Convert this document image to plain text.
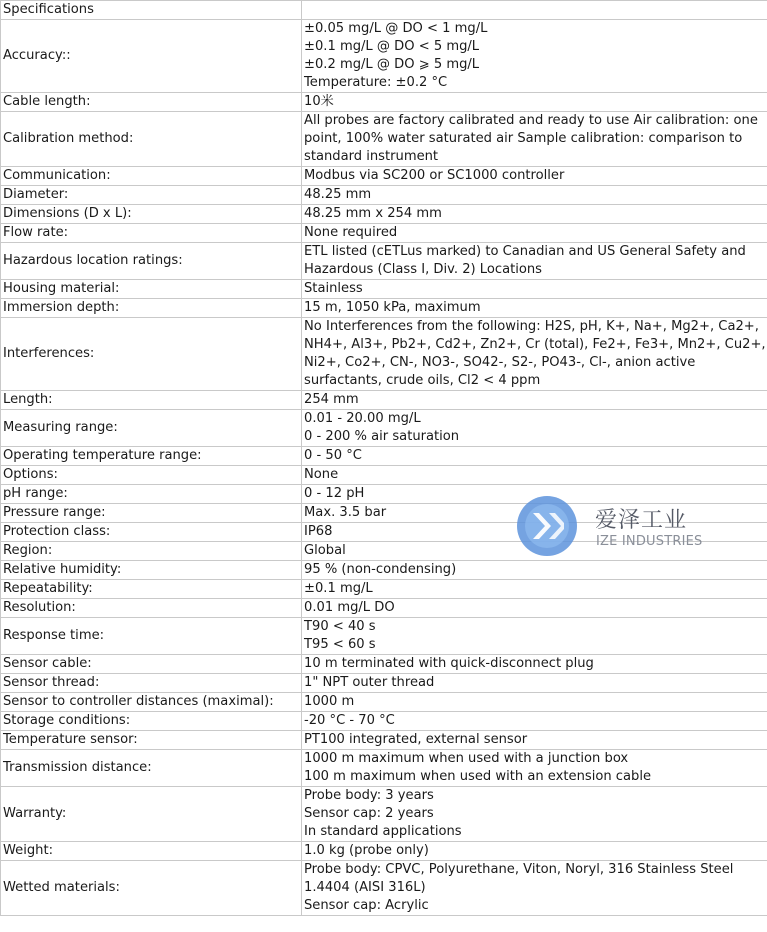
Specifications	
Accuracy::	±0.05 mg/L @ DO < 1 mg/L
±0.1 mg/L @ DO < 5 mg/L
±0.2 mg/L @ DO ⩾ 5 mg/L
Temperature: ±0.2 °C

Cable length:	10米

Calibration method:	All probes are factory calibrated and ready to use Air calibration: one
point, 100% water saturated air Sample calibration: comparison to
standard instrument

Communication:	Modbus via SC200 or SC1000 controller

Diameter:	48.25 mm

Dimensions (D x L):	48.25 mm x 254 mm

Flow rate:	None required

Hazardous location ratings:	ETL listed (cETLus marked) to Canadian and US General Safety and
Hazardous (Class I, Div. 2) Locations

Housing material:	Stainless

Immersion depth:	15 m, 1050 kPa, maximum

Interferences:	No Interferences from the following: H2S, pH, K+, Na+, Mg2+, Ca2+,
NH4+, Al3+, Pb2+, Cd2+, Zn2+, Cr (total), Fe2+, Fe3+, Mn2+, Cu2+,
Ni2+, Co2+, CN-, NO3-, SO42-, S2-, PO43-, Cl-, anion active
surfactants, crude oils, Cl2 < 4 ppm

Length:	254 mm

Measuring range:	0.01 - 20.00 mg/L
0 - 200 % air saturation

Operating temperature range:	0 - 50 °C

Options:	None

pH range:	0 - 12 pH

Pressure range:	Max. 3.5 bar

Protection class:	IP68

Region:	Global

Relative humidity:	95 % (non-condensing)

Repeatability:	±0.1 mg/L

Resolution:	0.01 mg/L DO

Response time:	T90 < 40 s
T95 < 60 s

Sensor cable:	10 m terminated with quick-disconnect plug

Sensor thread:	1" NPT outer thread

Sensor to controller distances (maximal):	1000 m

Storage conditions:	-20 °C - 70 °C

Temperature sensor:	PT100 integrated, external sensor

Transmission distance:	1000 m maximum when used with a junction box
100 m maximum when used with an extension cable

Warranty:	Probe body: 3 years
Sensor cap: 2 years
In standard applications

Weight:	1.0 kg (probe only)

Wetted materials:	Probe body: CPVC, Polyurethane, Viton, Noryl, 316 Stainless Steel
1.4404 (AISI 316L)
Sensor cap: Acrylic
爱泽工业
IZE INDUSTRIES
